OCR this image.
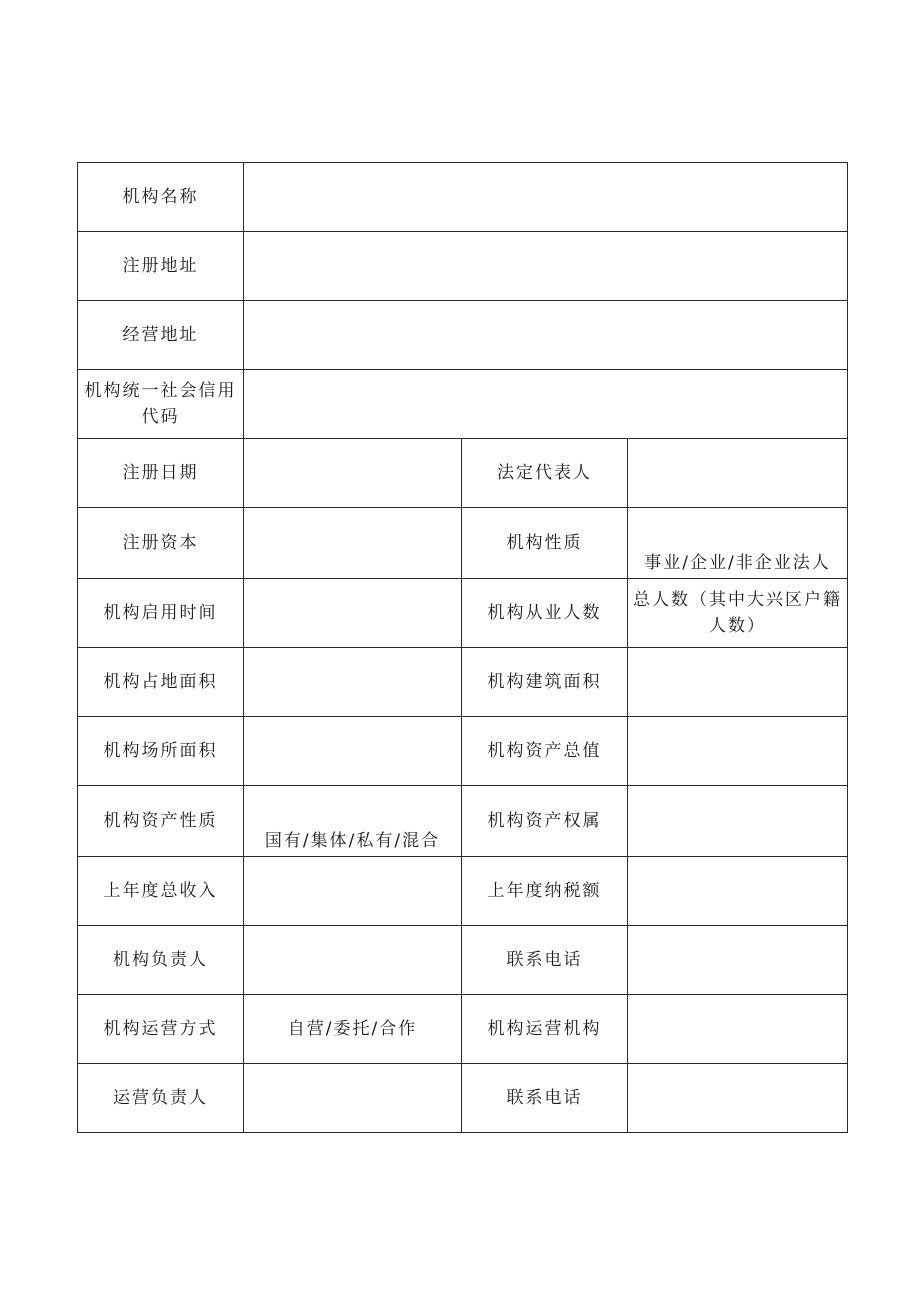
机构名称			
注册地址			
经营地址			
机构统一社会信用代码			
注册日期		法定代表人	
注册资本		机构性质	事业/企业/非企业法人
机构启用时间		机构从业人数	总人数（其中大兴区户籍人数）
机构占地面积		机构建筑面积	
机构场所面积		机构资产总值	
机构资产性质	国有/集体/私有/混合	机构资产权属	
上年度总收入		上年度纳税额	
机构负责人		联系电话	
机构运营方式	自营/委托/合作	机构运营机构	
运营负责人		联系电话	
